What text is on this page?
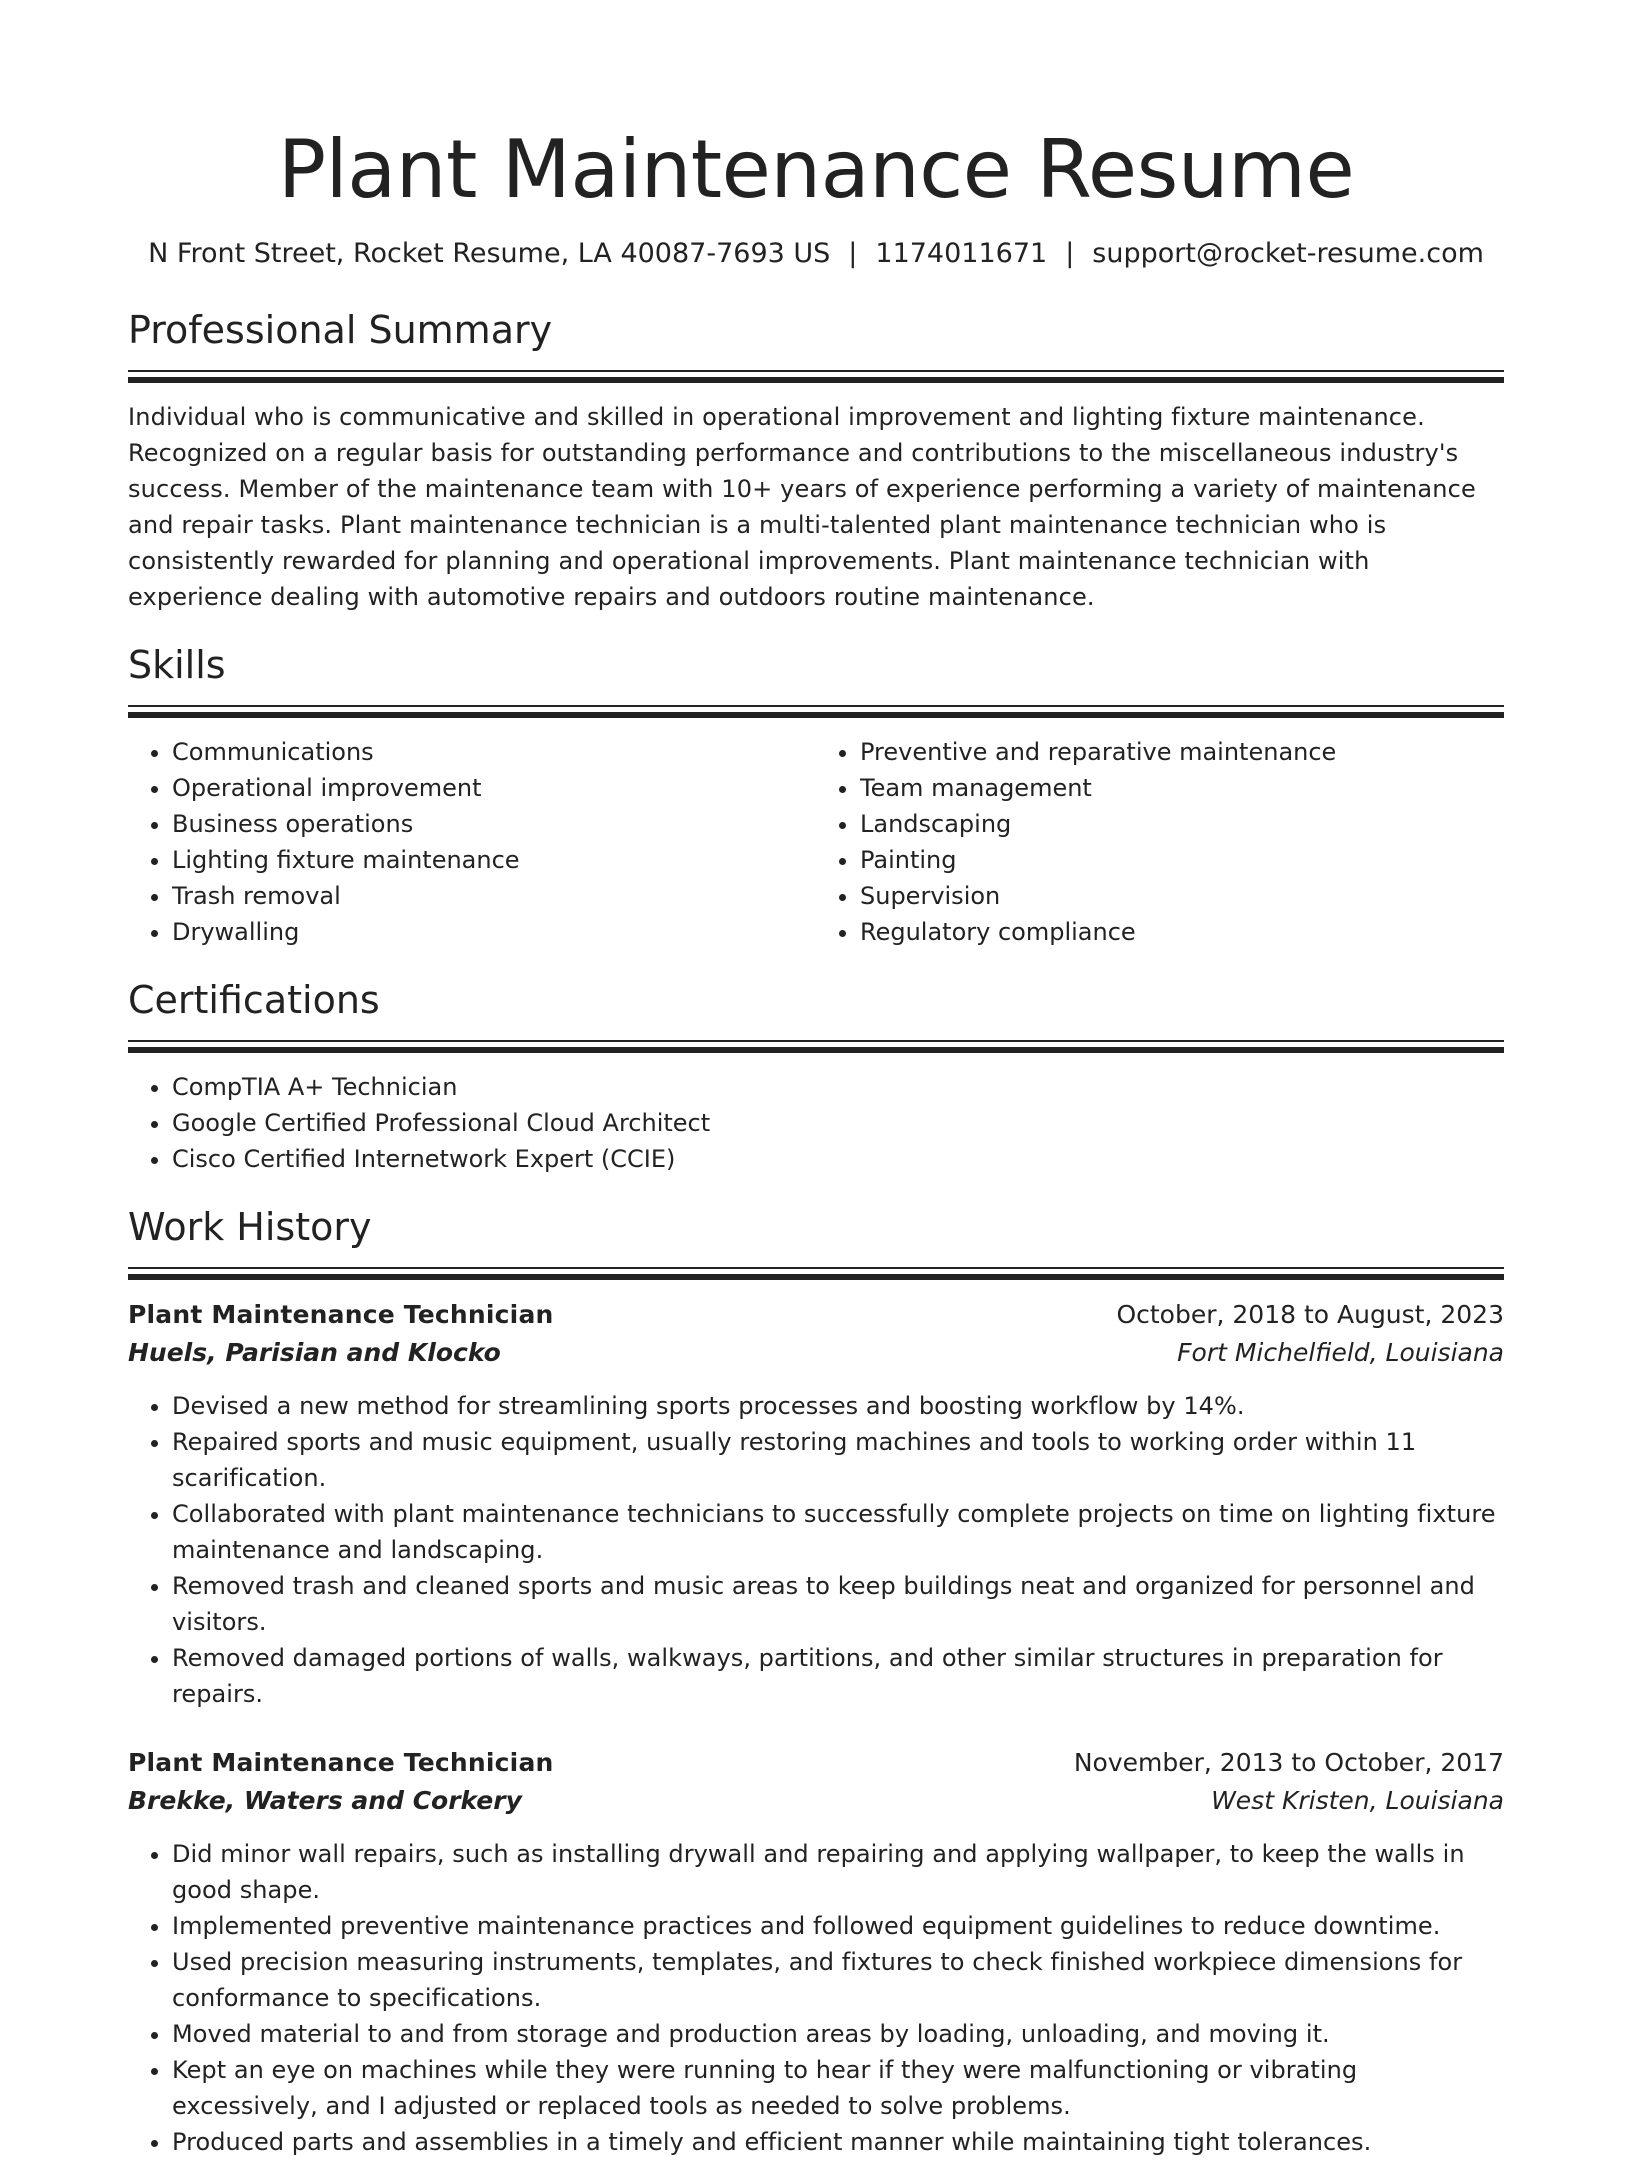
Plant Maintenance Resume
N Front Street, Rocket Resume, LA 40087-7693 US | 1174011671 | support@rocket-resume.com
Professional Summary
Individual who is communicative and skilled in operational improvement and lighting fixture maintenance. Recognized on a regular basis for outstanding performance and contributions to the miscellaneous industry's success. Member of the maintenance team with 10+ years of experience performing a variety of maintenance and repair tasks. Plant maintenance technician is a multi-talented plant maintenance technician who is consistently rewarded for planning and operational improvements. Plant maintenance technician with experience dealing with automotive repairs and outdoors routine maintenance.
Skills
• Communications
• Operational improvement
• Business operations
• Lighting fixture maintenance
• Trash removal
• Drywalling
• Preventive and reparative maintenance
• Team management
• Landscaping
• Painting
• Supervision
• Regulatory compliance
Certifications
• CompTIA A+ Technician
• Google Certified Professional Cloud Architect
• Cisco Certified Internetwork Expert (CCIE)
Work History
Plant Maintenance Technician	October, 2018 to August, 2023
Huels, Parisian and Klocko	Fort Michelfield, Louisiana
• Devised a new method for streamlining sports processes and boosting workflow by 14%.
• Repaired sports and music equipment, usually restoring machines and tools to working order within 11 scarification.
• Collaborated with plant maintenance technicians to successfully complete projects on time on lighting fixture maintenance and landscaping.
• Removed trash and cleaned sports and music areas to keep buildings neat and organized for personnel and visitors.
• Removed damaged portions of walls, walkways, partitions, and other similar structures in preparation for repairs.
Plant Maintenance Technician	November, 2013 to October, 2017
Brekke, Waters and Corkery	West Kristen, Louisiana
• Did minor wall repairs, such as installing drywall and repairing and applying wallpaper, to keep the walls in good shape.
• Implemented preventive maintenance practices and followed equipment guidelines to reduce downtime.
• Used precision measuring instruments, templates, and fixtures to check finished workpiece dimensions for conformance to specifications.
• Moved material to and from storage and production areas by loading, unloading, and moving it.
• Kept an eye on machines while they were running to hear if they were malfunctioning or vibrating excessively, and I adjusted or replaced tools as needed to solve problems.
• Produced parts and assemblies in a timely and efficient manner while maintaining tight tolerances.
